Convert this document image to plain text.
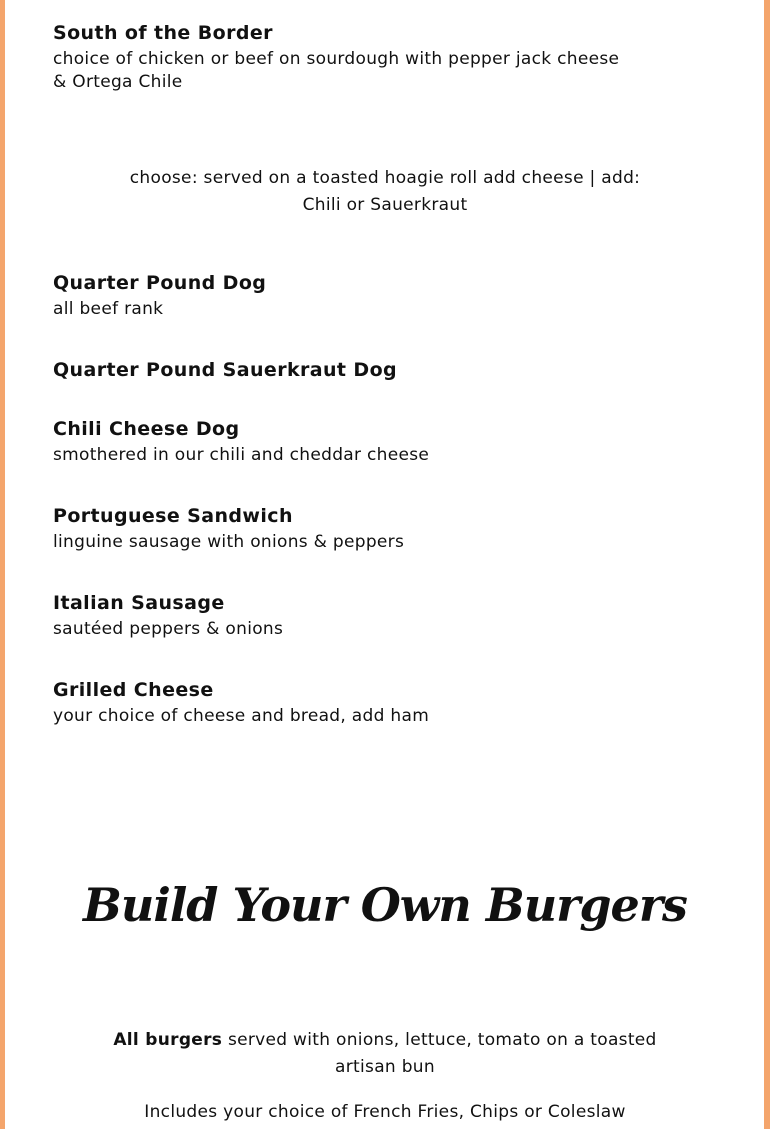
South of the Border

choice of chicken or beef on sourdough with pepper jack cheese
& Ortega Chile

choose: served on a toasted hoagie roll add cheese | add:
Chili or Sauerkraut

Quarter Pound Dog

all beef rank

Quarter Pound Sauerkraut Dog

Chili Cheese Dog

smothered in our chili and cheddar cheese

Portuguese Sandwich

linguine sausage with onions & peppers

Italian Sausage

sautéed peppers & onions

Grilled Cheese

your choice of cheese and bread, add ham

Build Your Own Burgers
All burgers served with onions, lettuce, tomato on a toasted artisan bun
Includes your choice of French Fries, Chips or Coleslaw
